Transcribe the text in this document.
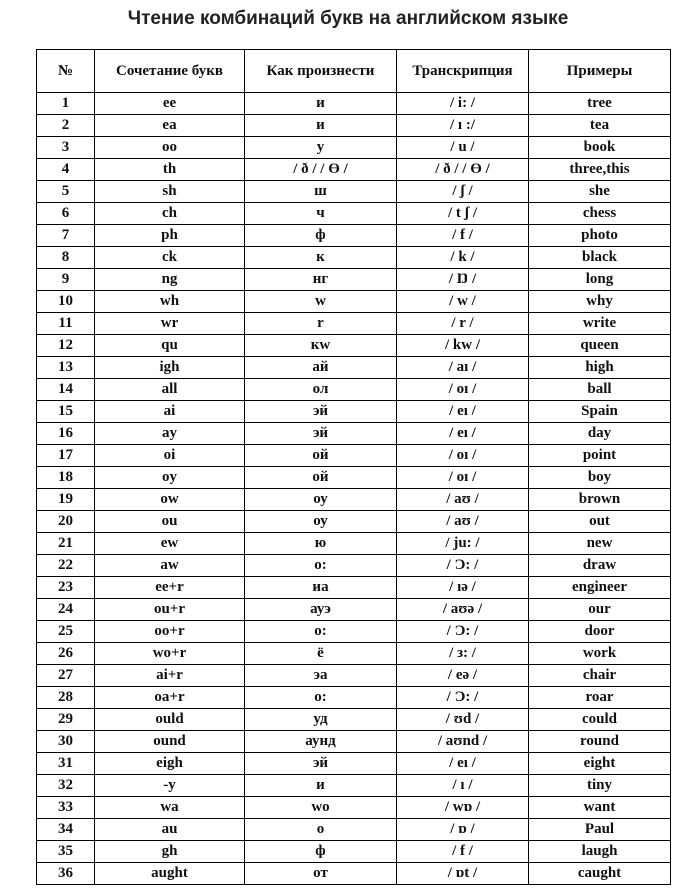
Чтение комбинаций букв на английском языке
№	Сочетание букв	Как произнести	Транскрипция	Примеры
1	ee	и	/ i: /	tree
2	ea	и	/ ı :/	tea
3	oo	у	/ u /	book
4	th	/ ð / / Ɵ /	/ ð / / Ɵ /	three,this
5	sh	ш	/ ʃ /	she
6	ch	ч	/ t ʃ /	chess
7	ph	ф	/ f /	photo
8	ck	к	/ k /	black
9	ng	нг	/ Ŋ /	long
10	wh	w	/ w /	why
11	wr	r	/ r /	write
12	qu	кw	/ kw /	queen
13	igh	ай	/ aı /	high
14	all	ол	/ oı /	ball
15	ai	эй	/ eı /	Spain
16	ay	эй	/ eı /	day
17	oi	ой	/ oı /	point
18	oy	ой	/ oı /	boy
19	ow	оу	/ aʊ /	brown
20	ou	оу	/ aʊ /	out
21	ew	ю	/ ju: /	new
22	aw	о:	/ Ɔ: /	draw
23	ee+r	иа	/ ıə /	engineer
24	ou+r	ауэ	/ aʊə /	our
25	oo+r	о:	/ Ɔ: /	door
26	wo+r	ё	/ з: /	work
27	ai+r	эа	/ eə /	chair
28	oa+r	о:	/ Ɔ: /	roar
29	ould	уд	/ ʊd /	could
30	ound	аунд	/ aʊnd /	round
31	eigh	эй	/ eı /	eight
32	-y	и	/ ı /	tiny
33	wa	wo	/ wɒ /	want
34	au	о	/ ɒ /	Paul
35	gh	ф	/ f /	laugh
36	aught	от	/ ɒt /	caught
